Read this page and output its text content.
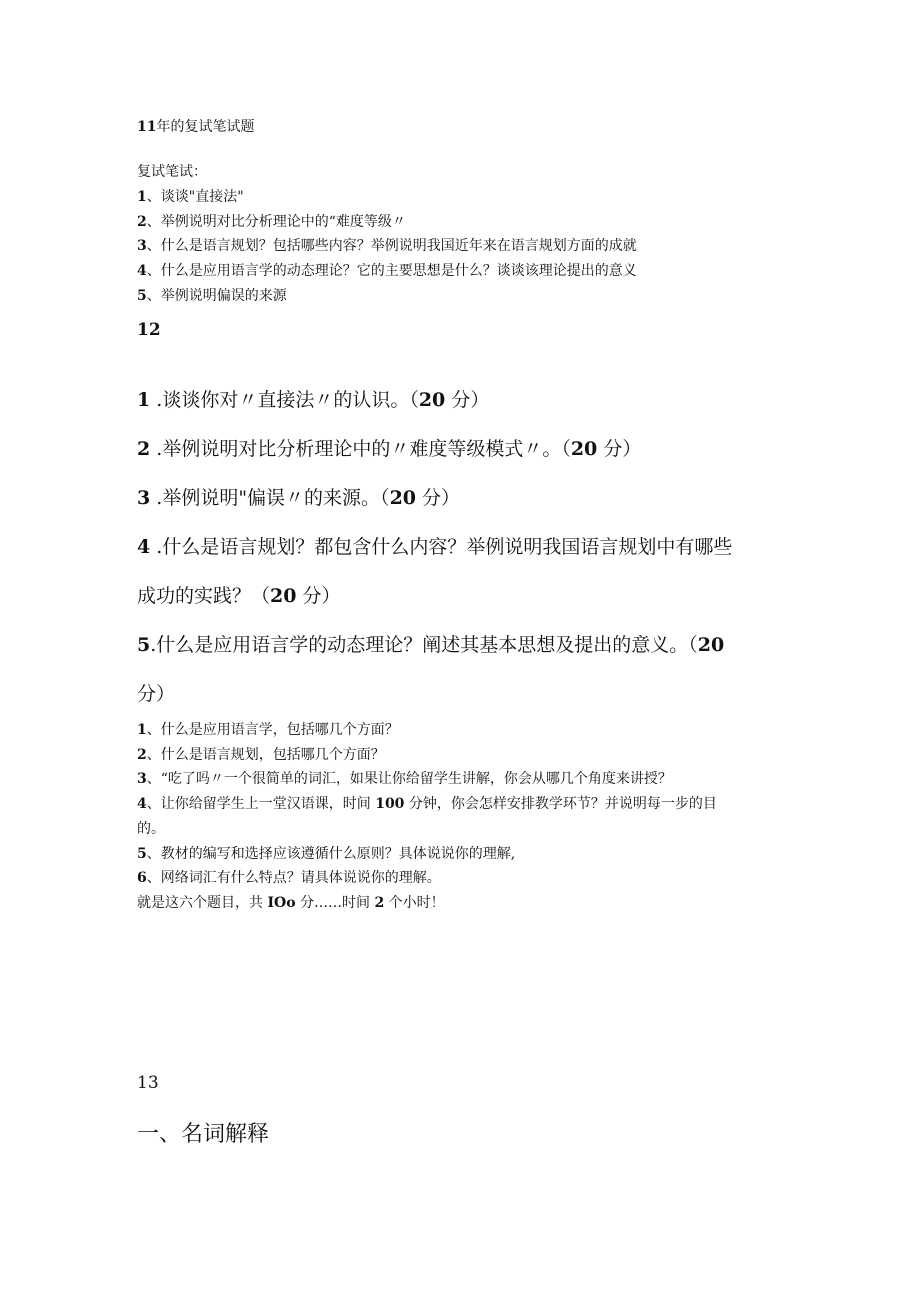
11年的复试笔试题
复试笔试：
1、谈谈"直接法"
2、举例说明对比分析理论中的“难度等级〃
3、什么是语言规划？包括哪些内容？举例说明我国近年来在语言规划方面的成就
4、什么是应用语言学的动态理论？它的主要思想是什么？谈谈该理论提出的意义
5、举例说明偏误的来源
12
1 .谈谈你对〃直接法〃的认识。（20 分）
2 .举例说明对比分析理论中的〃难度等级模式〃。（20 分）
3 .举例说明"偏误〃的来源。（20 分）
4 .什么是语言规划？都包含什么内容？举例说明我国语言规划中有哪些
成功的实践？（20 分）
5.什么是应用语言学的动态理论？阐述其基本思想及提出的意义。（20
分）
1、什么是应用语言学，包括哪几个方面？
2、什么是语言规划，包括哪几个方面？
3、“吃了吗〃一个很简单的词汇，如果让你给留学生讲解，你会从哪几个角度来讲授？
4、让你给留学生上一堂汉语课，时间 100 分钟，你会怎样安排教学环节？并说明每一步的目
的。
5、教材的编写和选择应该遵循什么原则？具体说说你的理解,
6、网络词汇有什么特点？请具体说说你的理解。
就是这六个题目，共 IOo 分……时间 2 个小时！
13
一、名词解释
